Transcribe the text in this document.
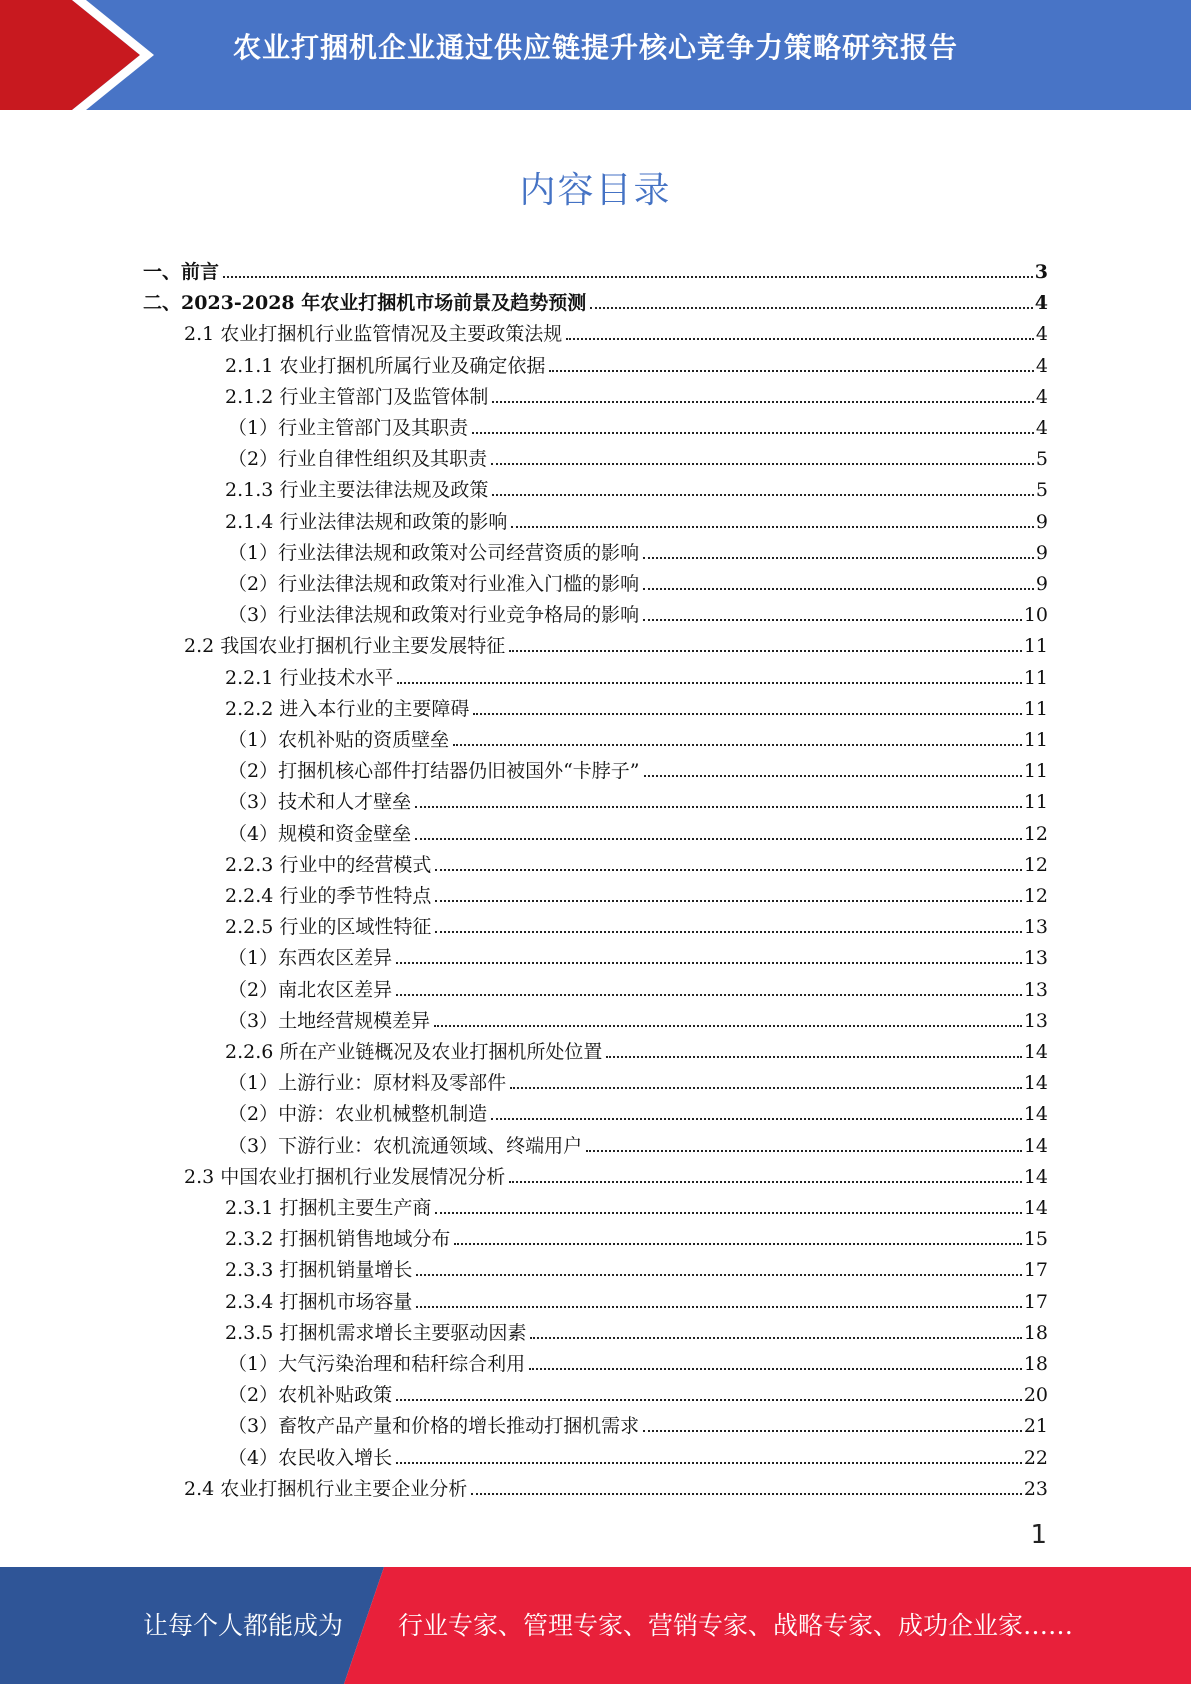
农业打捆机企业通过供应链提升核心竞争力策略研究报告
内容目录
一、前言	3
二、2023-2028 年农业打捆机市场前景及趋势预测	4
2.1 农业打捆机行业监管情况及主要政策法规	4
2.1.1 农业打捆机所属行业及确定依据	4
2.1.2 行业主管部门及监管体制	4
（1）行业主管部门及其职责	4
（2）行业自律性组织及其职责	5
2.1.3 行业主要法律法规及政策	5
2.1.4 行业法律法规和政策的影响	9
（1）行业法律法规和政策对公司经营资质的影响	9
（2）行业法律法规和政策对行业准入门槛的影响	9
（3）行业法律法规和政策对行业竞争格局的影响	10
2.2 我国农业打捆机行业主要发展特征	11
2.2.1 行业技术水平	11
2.2.2 进入本行业的主要障碍	11
（1）农机补贴的资质壁垒	11
（2）打捆机核心部件打结器仍旧被国外“卡脖子”	11
（3）技术和人才壁垒	11
（4）规模和资金壁垒	12
2.2.3 行业中的经营模式	12
2.2.4 行业的季节性特点	12
2.2.5 行业的区域性特征	13
（1）东西农区差异	13
（2）南北农区差异	13
（3）土地经营规模差异	13
2.2.6 所在产业链概况及农业打捆机所处位置	14
（1）上游行业：原材料及零部件	14
（2）中游：农业机械整机制造	14
（3）下游行业：农机流通领域、终端用户	14
2.3 中国农业打捆机行业发展情况分析	14
2.3.1 打捆机主要生产商	14
2.3.2 打捆机销售地域分布	15
2.3.3 打捆机销量增长	17
2.3.4 打捆机市场容量	17
2.3.5 打捆机需求增长主要驱动因素	18
（1）大气污染治理和秸秆综合利用	18
（2）农机补贴政策	20
（3）畜牧产品产量和价格的增长推动打捆机需求	21
（4）农民收入增长	22
2.4 农业打捆机行业主要企业分析	23
1
让每个人都能成为 行业专家、管理专家、营销专家、战略专家、成功企业家……
